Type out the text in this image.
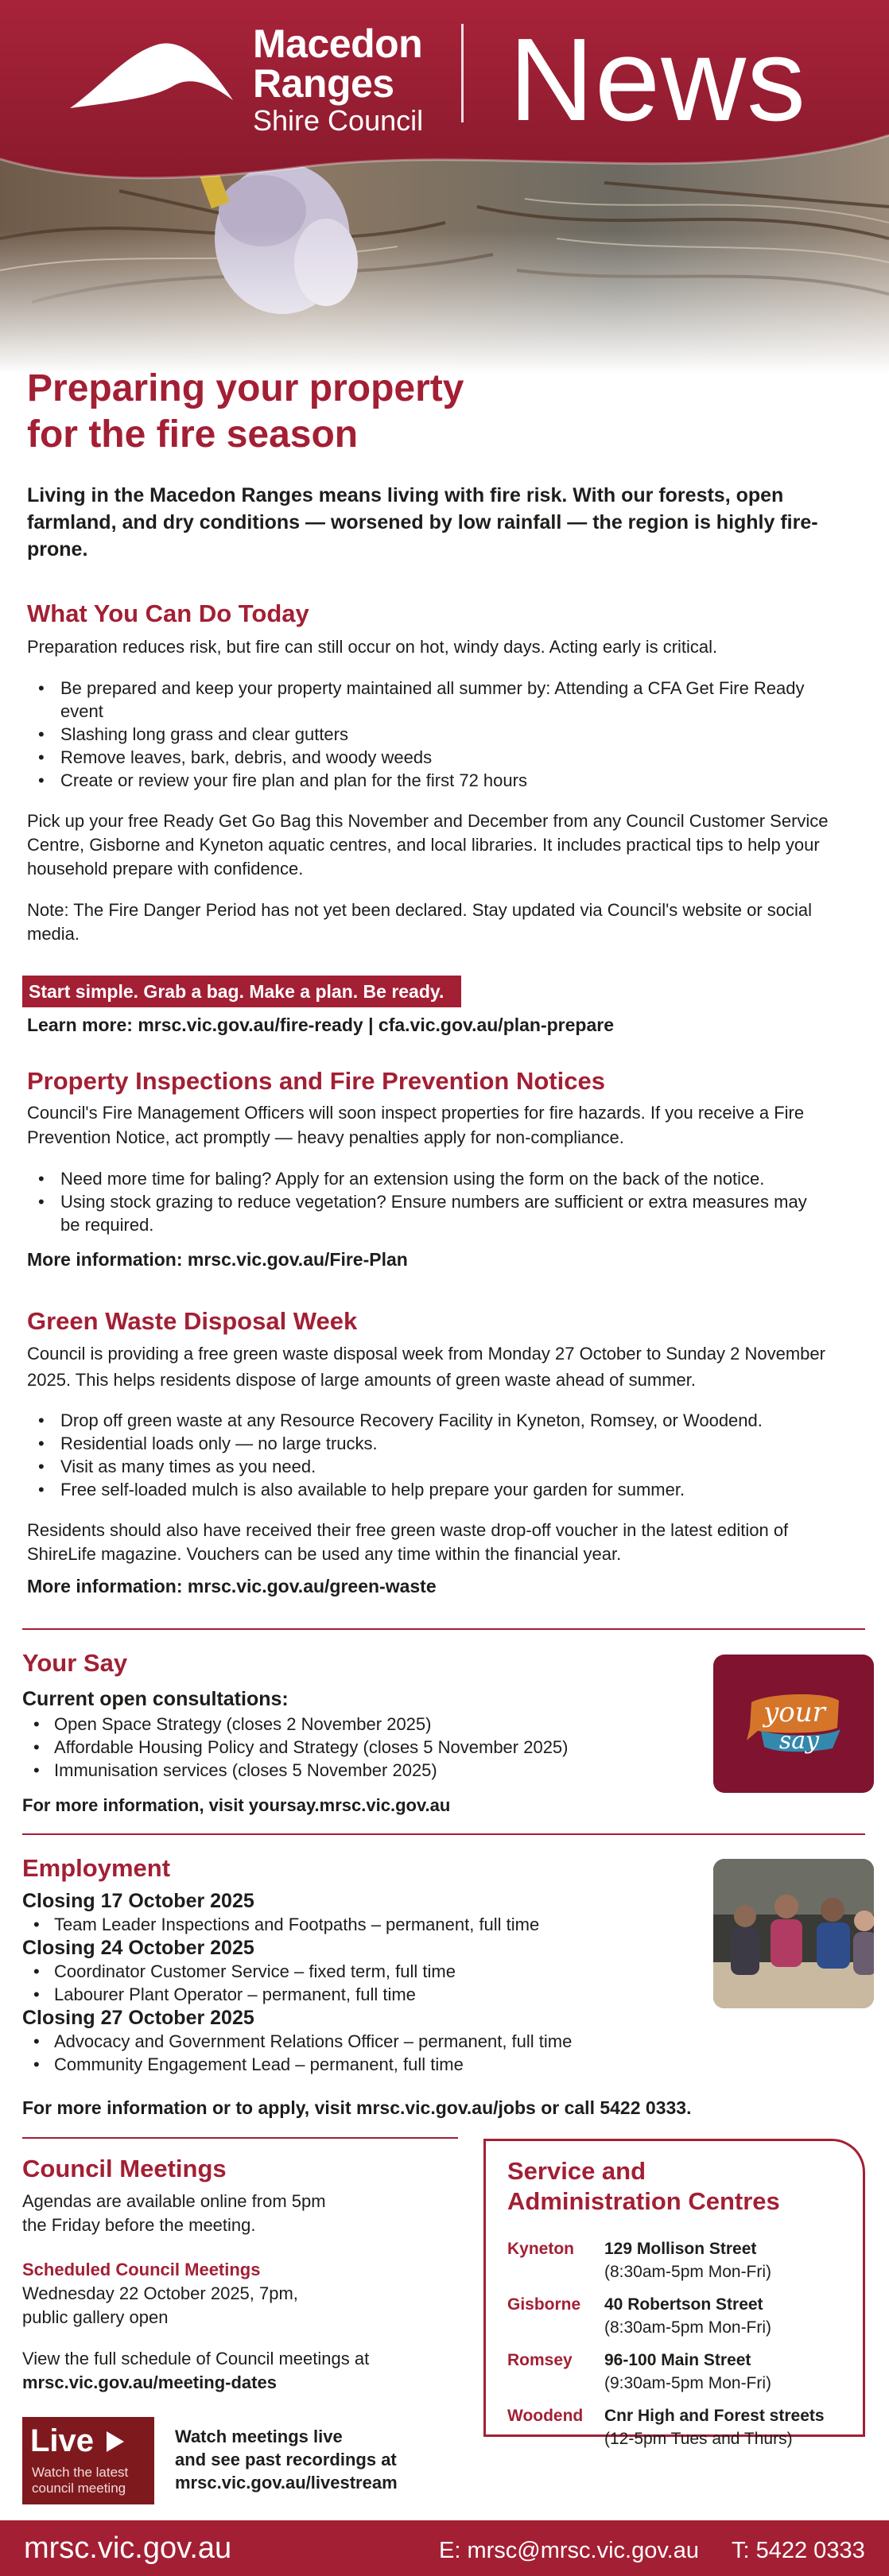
Macedon
Ranges
Shire Council News
Preparing your property
for the fire season

Living in the Macedon Ranges means living with fire risk. With our forests, open farmland, and dry conditions — worsened by low rainfall — the region is highly fire-prone.

What You Can Do Today

Preparation reduces risk, but fire can still occur on hot, windy days. Acting early is critical.

• Be prepared and keep your property maintained all summer by: Attending a CFA Get Fire Ready event
• Slashing long grass and clear gutters
• Remove leaves, bark, debris, and woody weeds
• Create or review your fire plan and plan for the first 72 hours

Pick up your free Ready Get Go Bag this November and December from any Council Customer Service Centre, Gisborne and Kyneton aquatic centres, and local libraries. It includes practical tips to help your household prepare with confidence.

Note: The Fire Danger Period has not yet been declared. Stay updated via Council's website or social media.

Start simple. Grab a bag. Make a plan. Be ready.

Learn more: mrsc.vic.gov.au/fire-ready | cfa.vic.gov.au/plan-prepare

Property Inspections and Fire Prevention Notices

Council's Fire Management Officers will soon inspect properties for fire hazards. If you receive a Fire Prevention Notice, act promptly — heavy penalties apply for non-compliance.

• Need more time for baling? Apply for an extension using the form on the back of the notice.
• Using stock grazing to reduce vegetation? Ensure numbers are sufficient or extra measures may be required.

More information: mrsc.vic.gov.au/Fire-Plan

Green Waste Disposal Week

Council is providing a free green waste disposal week from Monday 27 October to Sunday 2 November 2025. This helps residents dispose of large amounts of green waste ahead of summer.

• Drop off green waste at any Resource Recovery Facility in Kyneton, Romsey, or Woodend.
• Residential loads only — no large trucks.
• Visit as many times as you need.
• Free self-loaded mulch is also available to help prepare your garden for summer.

Residents should also have received their free green waste drop-off voucher in the latest edition of ShireLife magazine. Vouchers can be used any time within the financial year.

More information: mrsc.vic.gov.au/green-waste

Your Say

Current open consultations:

• Open Space Strategy (closes 2 November 2025)
• Affordable Housing Policy and Strategy (closes 5 November 2025)
• Immunisation services (closes 5 November 2025)

For more information, visit yoursay.mrsc.vic.gov.au

your
say
Employment

Closing 17 October 2025

• Team Leader Inspections and Footpaths – permanent, full time

Closing 24 October 2025

• Coordinator Customer Service – fixed term, full time
• Labourer Plant Operator – permanent, full time

Closing 27 October 2025

• Advocacy and Government Relations Officer – permanent, full time
• Community Engagement Lead – permanent, full time

For more information or to apply, visit mrsc.vic.gov.au/jobs or call 5422 0333.

Council Meetings

Agendas are available online from 5pm
the Friday before the meeting.

Scheduled Council Meetings

Wednesday 22 October 2025, 7pm,
public gallery open

View the full schedule of Council meetings at

mrsc.vic.gov.au/meeting-dates

Live
Watch the latest
council meeting

Watch meetings live

and see past recordings at

mrsc.vic.gov.au/livestream

Service and
Administration Centres
Kyneton	129 Mollison Street
(8:30am-5pm Mon-Fri)
Gisborne	40 Robertson Street
(8:30am-5pm Mon-Fri)
Romsey	96-100 Main Street
(9:30am-5pm Mon-Fri)
Woodend	Cnr High and Forest streets
(12-5pm Tues and Thurs)
mrsc.vic.gov.au	E: mrsc@mrsc.vic.gov.au T: 5422 0333
